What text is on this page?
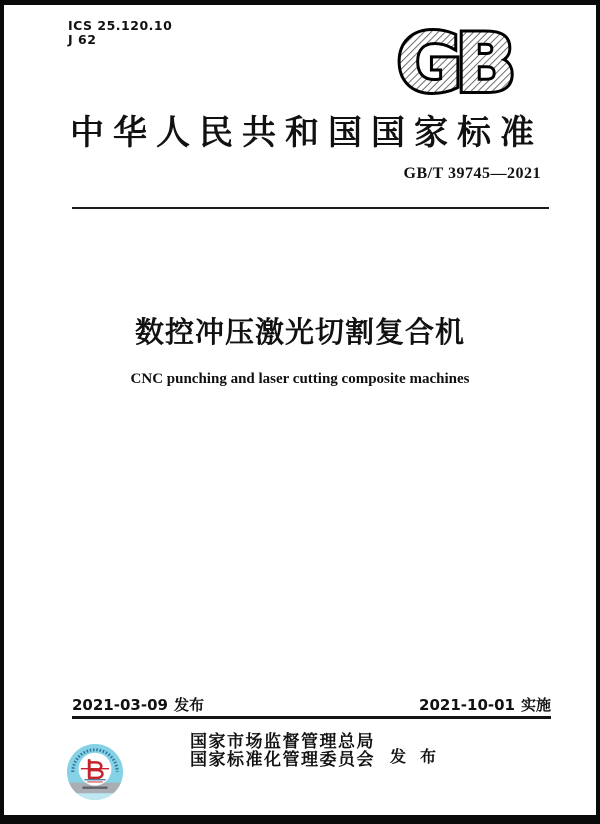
ICS 25.120.10
J 62	GB
中华人民共和国国家标准
GB/T 39745—2021
数控冲压激光切割复合机
CNC punching and laser cutting composite machines
2021-03-09 发布	2021-10-01 实施
国家市场监督管理总局
国家标准化管理委员会 发 布
